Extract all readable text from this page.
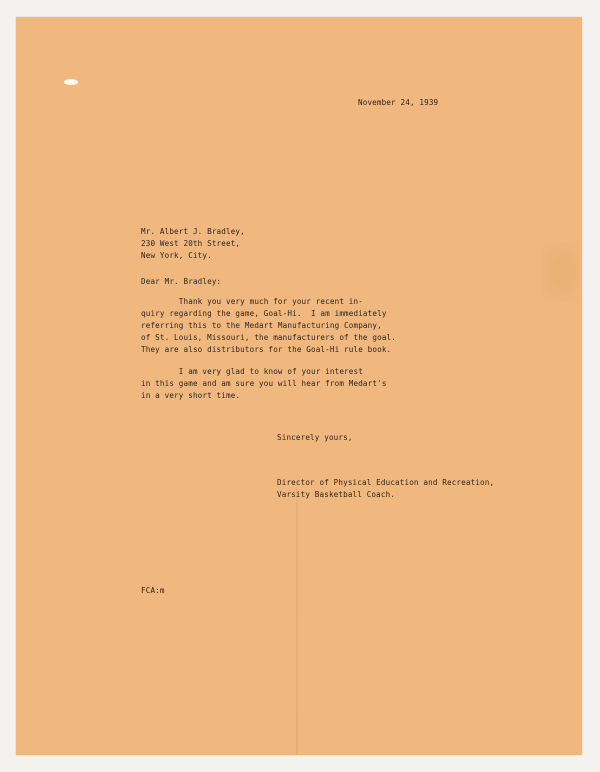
November 24, 1939
Mr. Albert J. Bradley,
230 West 20th Street,
New York, City.
Dear Mr. Bradley:
Thank you very much for your recent in-
quiry regarding the game, Goal-Hi.  I am immediately
referring this to the Medart Manufacturing Company,
of St. Louis, Missouri, the manufacturers of the goal.
They are also distributors for the Goal-Hi rule book.
I am very glad to know of your interest
in this game and am sure you will hear from Medart's
in a very short time.
Sincerely yours,
Director of Physical Education and Recreation,
Varsity Basketball Coach.
FCA:m
